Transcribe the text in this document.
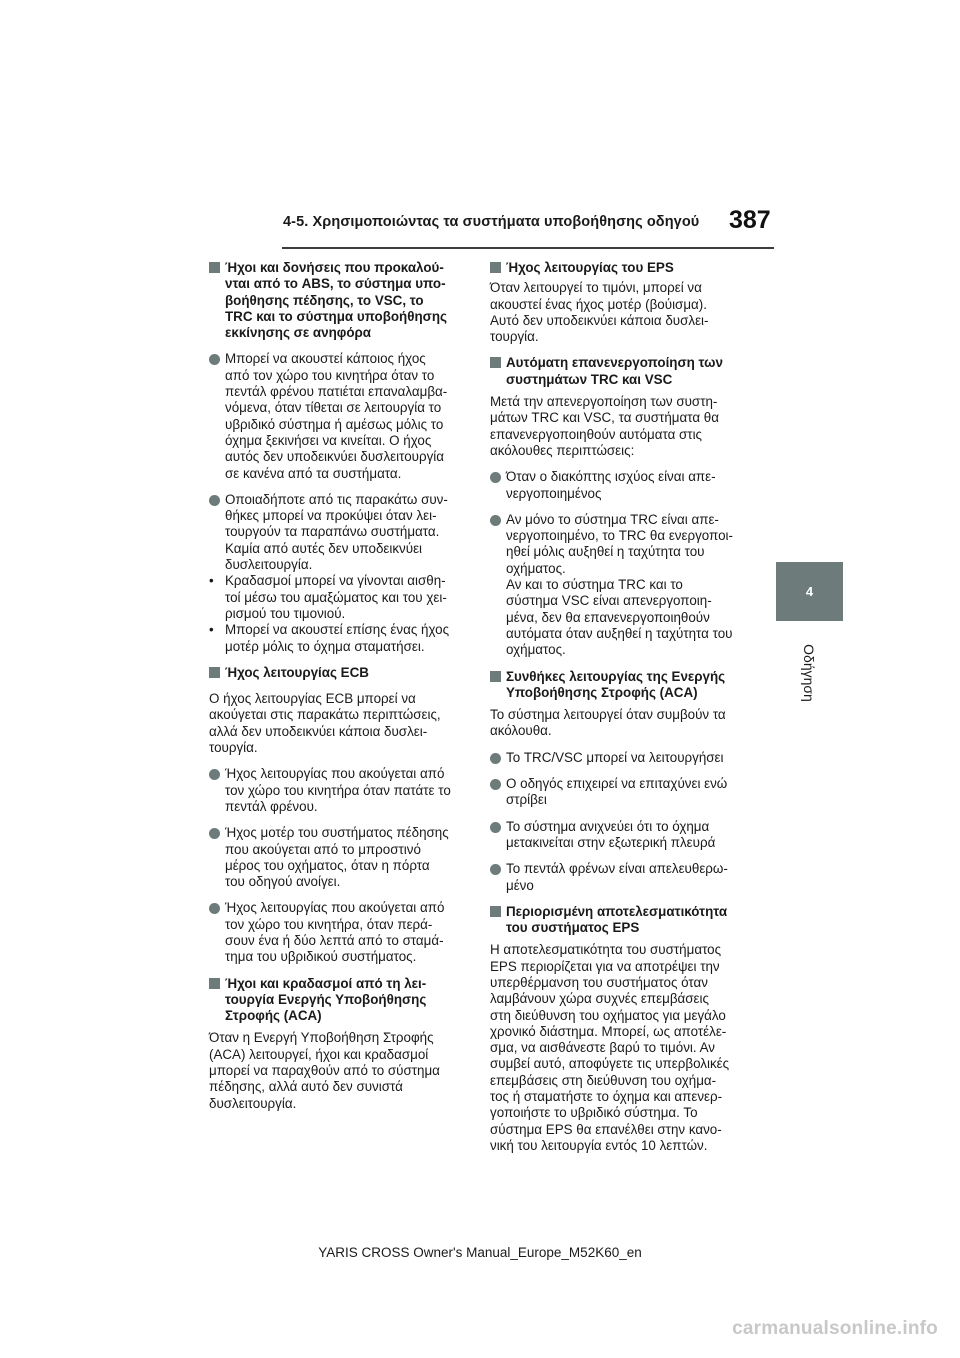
4-5. Χρησιμοποιώντας τα συστήματα υποβοήθησης οδηγού 387
4
Οδήγηση
Ήχοι και δονήσεις που προκαλού-
νται από το ABS, το σύστημα υπο-
βοήθησης πέδησης, το VSC, το
TRC και το σύστημα υποβοήθησης
εκκίνησης σε ανηφόρα
Μπορεί να ακουστεί κάποιος ήχος
από τον χώρο του κινητήρα όταν το
πεντάλ φρένου πατιέται επαναλαμβα-
νόμενα, όταν τίθεται σε λειτουργία το
υβριδικό σύστημα ή αμέσως μόλις το
όχημα ξεκινήσει να κινείται. Ο ήχος
αυτός δεν υποδεικνύει δυσλειτουργία
σε κανένα από τα συστήματα.
Οποιαδήποτε από τις παρακάτω συν-
θήκες μπορεί να προκύψει όταν λει-
τουργούν τα παραπάνω συστήματα.
Καμία από αυτές δεν υποδεικνύει
δυσλειτουργία.
• Κραδασμοί μπορεί να γίνονται αισθη-
τοί μέσω του αμαξώματος και του χει-
ρισμού του τιμονιού.
• Μπορεί να ακουστεί επίσης ένας ήχος
μοτέρ μόλις το όχημα σταματήσει.
Ήχος λειτουργίας ECB
Ο ήχος λειτουργίας ECB μπορεί να
ακούγεται στις παρακάτω περιπτώσεις,
αλλά δεν υποδεικνύει κάποια δυσλει-
τουργία.
Ήχος λειτουργίας που ακούγεται από
τον χώρο του κινητήρα όταν πατάτε το
πεντάλ φρένου.
Ήχος μοτέρ του συστήματος πέδησης
που ακούγεται από το μπροστινό
μέρος του οχήματος, όταν η πόρτα
του οδηγού ανοίγει.
Ήχος λειτουργίας που ακούγεται από
τον χώρο του κινητήρα, όταν περά-
σουν ένα ή δύο λεπτά από το σταμά-
τημα του υβριδικού συστήματος.
Ήχοι και κραδασμοί από τη λει-
τουργία Ενεργής Υποβοήθησης
Στροφής (ACA)
Όταν η Ενεργή Υποβοήθηση Στροφής
(ACA) λειτουργεί, ήχοι και κραδασμοί
μπορεί να παραχθούν από το σύστημα
πέδησης, αλλά αυτό δεν συνιστά
δυσλειτουργία.
Ήχος λειτουργίας του EPS
Όταν λειτουργεί το τιμόνι, μπορεί να
ακουστεί ένας ήχος μοτέρ (βούισμα).
Αυτό δεν υποδεικνύει κάποια δυσλει-
τουργία.
Αυτόματη επανενεργοποίηση των
συστημάτων TRC και VSC
Μετά την απενεργοποίηση των συστη-
μάτων TRC και VSC, τα συστήματα θα
επανενεργοποιηθούν αυτόματα στις
ακόλουθες περιπτώσεις:
Όταν ο διακόπτης ισχύος είναι απε-
νεργοποιημένος
Αν μόνο το σύστημα TRC είναι απε-
νεργοποιημένο, το TRC θα ενεργοποι-
ηθεί μόλις αυξηθεί η ταχύτητα του
οχήματος.
Αν και το σύστημα TRC και το
σύστημα VSC είναι απενεργοποιη-
μένα, δεν θα επανενεργοποιηθούν
αυτόματα όταν αυξηθεί η ταχύτητα του
οχήματος.
Συνθήκες λειτουργίας της Ενεργής
Υποβοήθησης Στροφής (ACA)
Το σύστημα λειτουργεί όταν συμβούν τα
ακόλουθα.
Το TRC/VSC μπορεί να λειτουργήσει
Ο οδηγός επιχειρεί να επιταχύνει ενώ
στρίβει
Το σύστημα ανιχνεύει ότι το όχημα
μετακινείται στην εξωτερική πλευρά
Το πεντάλ φρένων είναι απελευθερω-
μένο
Περιορισμένη αποτελεσματικότητα
του συστήματος EPS
Η αποτελεσματικότητα του συστήματος
EPS περιορίζεται για να αποτρέψει την
υπερθέρμανση του συστήματος όταν
λαμβάνουν χώρα συχνές επεμβάσεις
στη διεύθυνση του οχήματος για μεγάλο
χρονικό διάστημα. Μπορεί, ως αποτέλε-
σμα, να αισθάνεστε βαρύ το τιμόνι. Αν
συμβεί αυτό, αποφύγετε τις υπερβολικές
επεμβάσεις στη διεύθυνση του οχήμα-
τος ή σταματήστε το όχημα και απενερ-
γοποιήστε το υβριδικό σύστημα. Το
σύστημα EPS θα επανέλθει στην κανο-
νική του λειτουργία εντός 10 λεπτών.
YARIS CROSS Owner's Manual_Europe_M52K60_en
carmanualsonline.info
